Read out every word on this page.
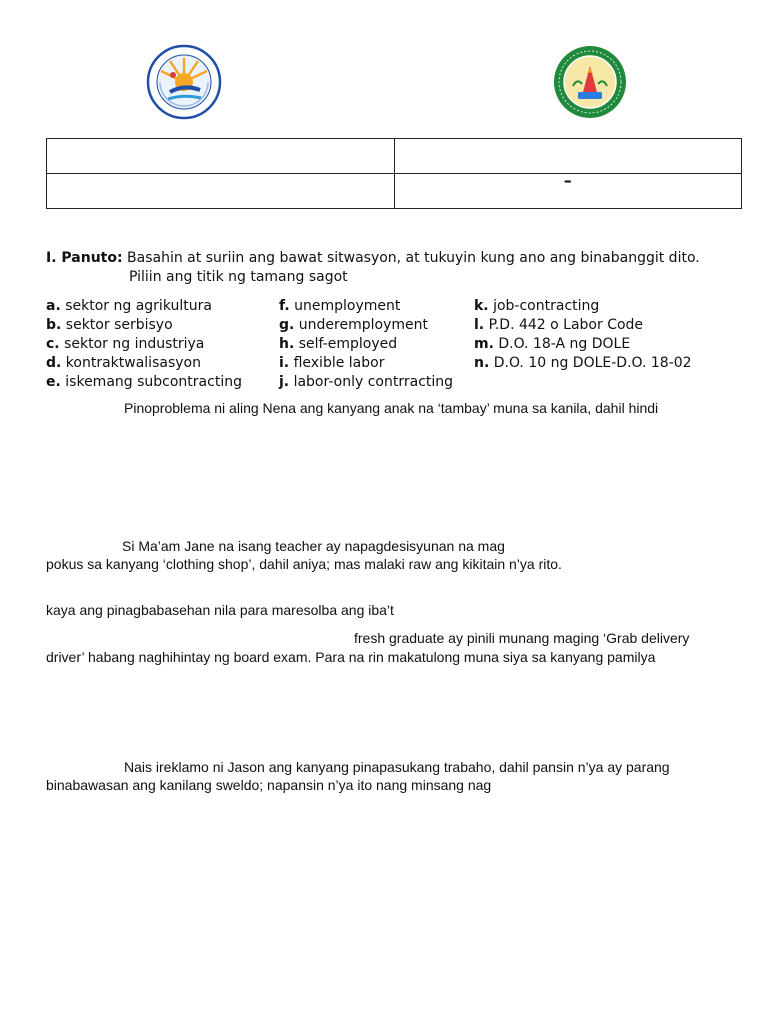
	–
I. Panuto: Basahin at suriin ang bawat sitwasyon, at tukuyin kung ano ang binabanggit dito.
Piliin ang titik ng tamang sagot
a. sektor ng agrikultura
b. sektor serbisyo
c. sektor ng industriya
d. kontraktwalisasyon
e. iskemang subcontracting
f. unemployment
g. underemployment
h. self-employed
i. flexible labor
j. labor-only contrracting
k. job-contracting
l. P.D. 442 o Labor Code
m. D.O. 18-A ng DOLE
n. D.O. 10 ng DOLE-D.O. 18-02
Pinoproblema ni aling Nena ang kanyang anak na ‘tambay’ muna sa kanila, dahil hindi
Si Ma’am Jane na isang teacher ay napagdesisyunan na mag
pokus sa kanyang ‘clothing shop’, dahil aniya; mas malaki raw ang kikitain n’ya rito.
kaya ang pinagbabasehan nila para maresolba ang iba’t
fresh graduate ay pinili munang maging ‘Grab delivery
driver’ habang naghihintay ng board exam. Para na rin makatulong muna siya sa kanyang pamilya
Nais ireklamo ni Jason ang kanyang pinapasukang trabaho, dahil pansin n’ya ay parang
binabawasan ang kanilang sweldo; napansin n’ya ito nang minsang nag
